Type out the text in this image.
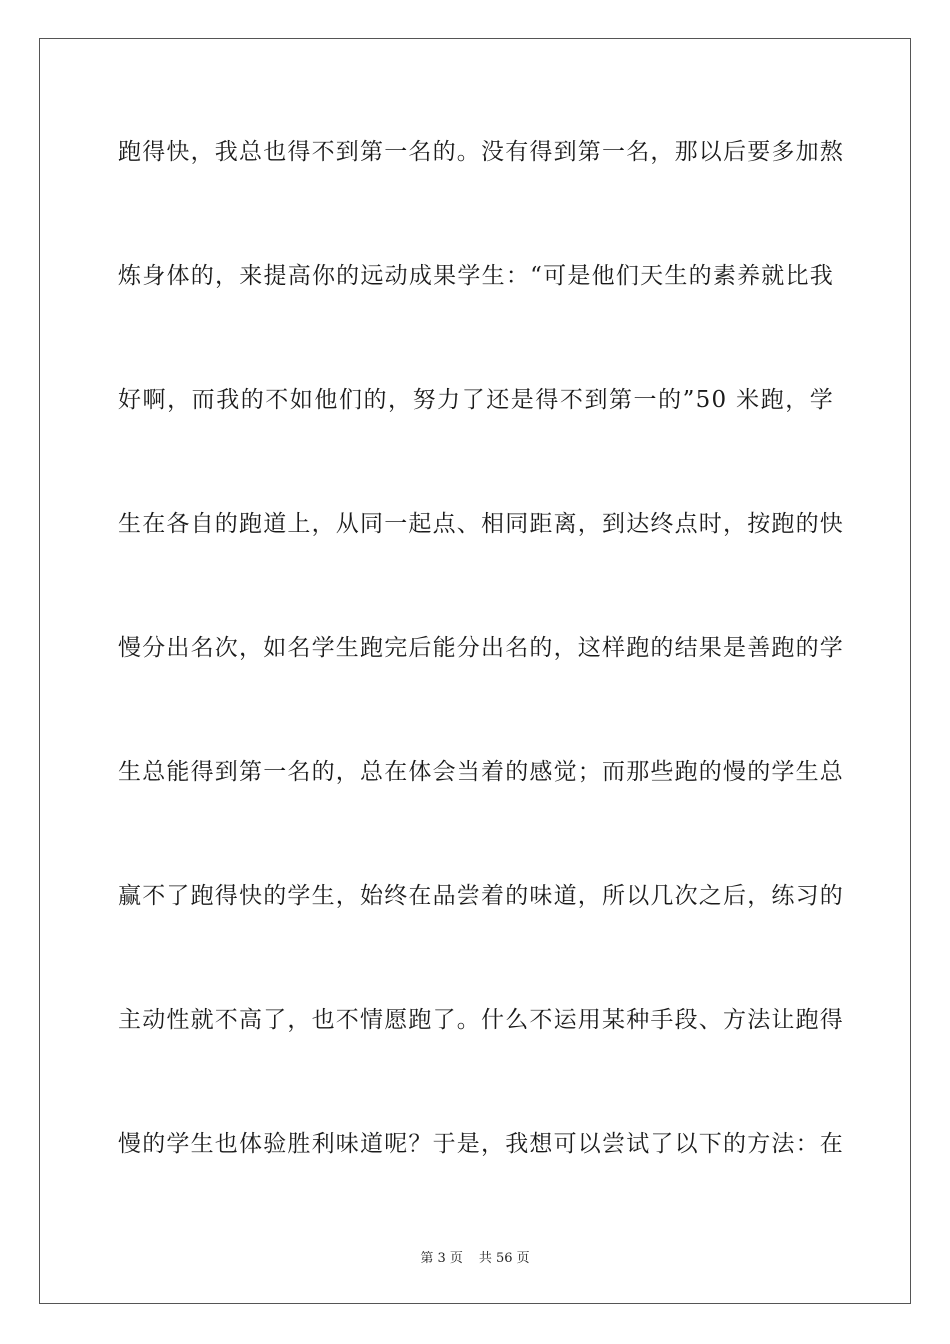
跑得快，我总也得不到第一名的。没有得到第一名，那以后要多加熬
炼身体的，来提高你的远动成果学生：“可是他们天生的素养就比我
好啊，而我的不如他们的，努力了还是得不到第一的”50 米跑，学
生在各自的跑道上，从同一起点、相同距离，到达终点时，按跑的快
慢分出名次，如名学生跑完后能分出名的，这样跑的结果是善跑的学
生总能得到第一名的，总在体会当着的感觉；而那些跑的慢的学生总
赢不了跑得快的学生，始终在品尝着的味道，所以几次之后，练习的
主动性就不高了，也不情愿跑了。什么不运用某种手段、方法让跑得
慢的学生也体验胜利味道呢？于是，我想可以尝试了以下的方法：在
第 3 页 共 56 页
